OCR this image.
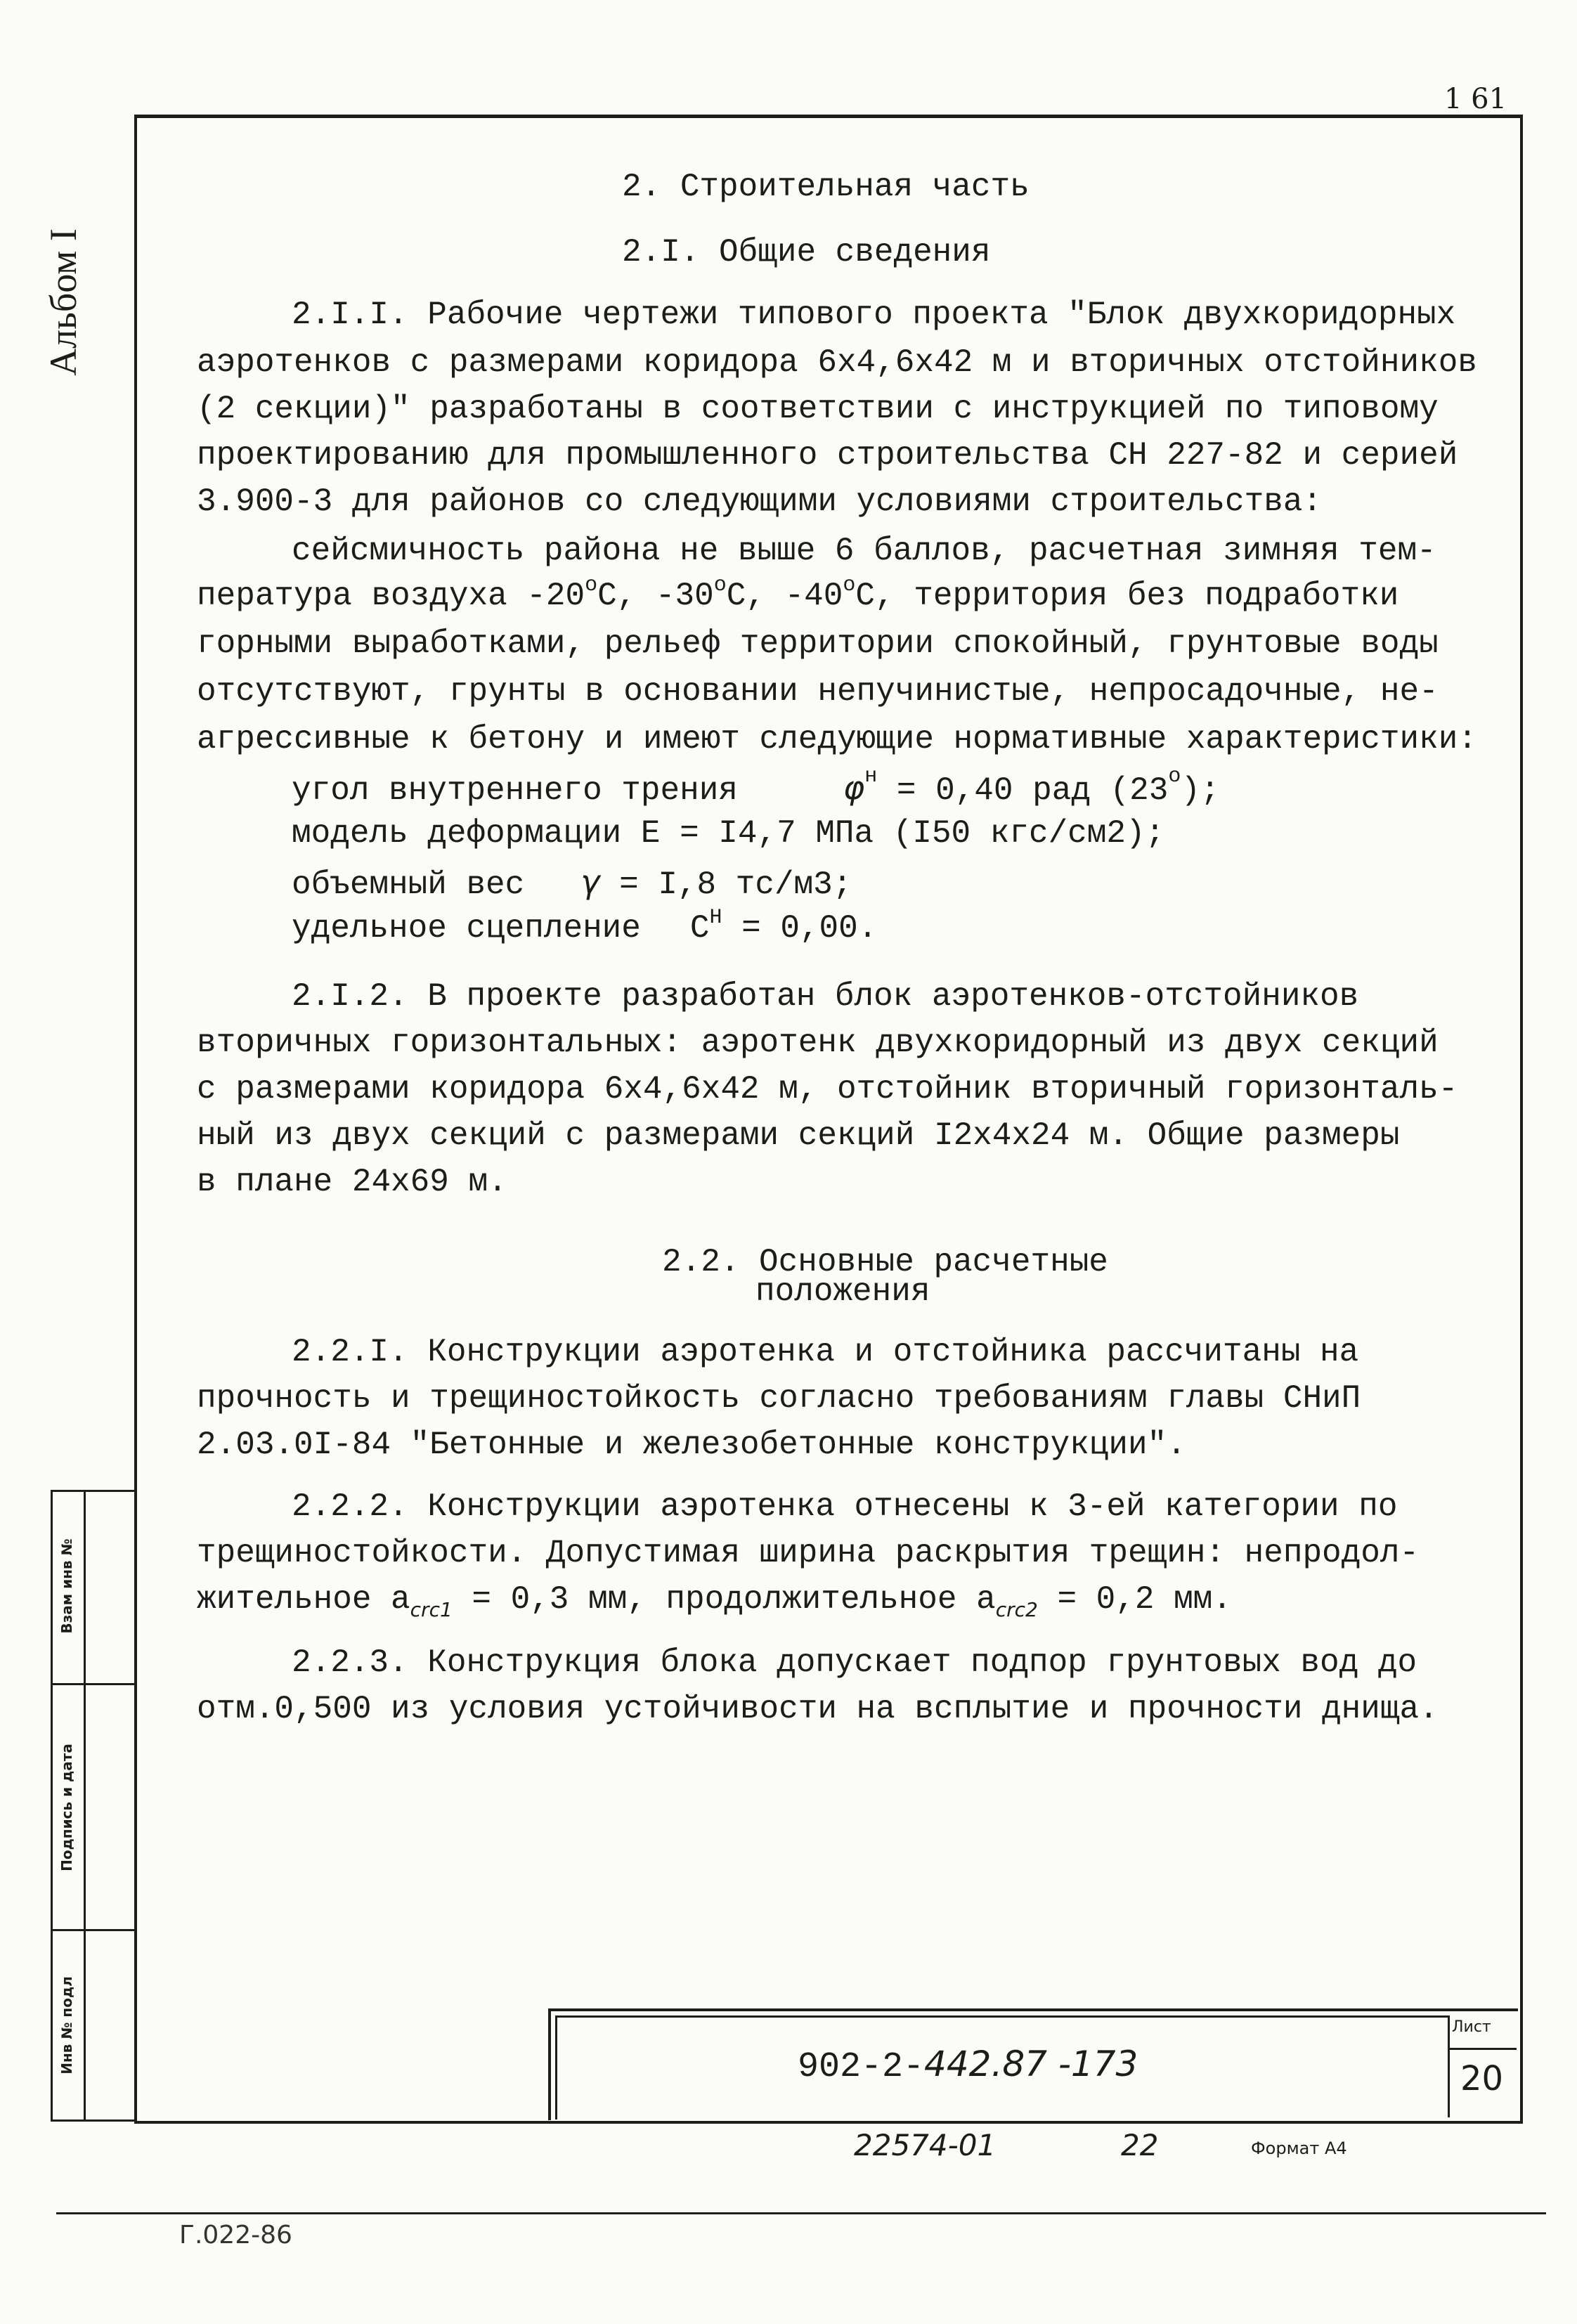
1 61
Альбом I
2. Строительная часть
2.I. Общие сведения
2.I.I. Рабочие чертежи типового проекта "Блок двухкоридорных
аэротенков с размерами коридора 6х4,6х42 м и вторичных отстойников
(2 секции)" разработаны в соответствии с инструкцией по типовому
проектированию для промышленного строительства СН 227-82 и серией
3.900-3 для районов со следующими условиями строительства:
сейсмичность района не выше 6 баллов, расчетная зимняя тем-
пература воздуха $-20^оС$, $-30^оС$, $-40^оС$, территория без подработки
горными выработками, рельеф территории спокойный, грунтовые воды
отсутствуют, грунты в основании непучинистые, непросадочные, не-
агрессивные к бетону и имеют следующие нормативные характеристики:
угол внутреннего трения	$\varphi^н = 0,40$ рад $(23^о)$;
модель деформации Е = I4,7 МПа (I50 кгс/см2);
объемный вес γ = I,8 тс/м3;
удельное сцепление $С^Н = 0,00$.
2.I.2. В проекте разработан блок аэротенков-отстойников
вторичных горизонтальных: аэротенк двухкоридорный из двух секций
с размерами коридора 6х4,6х42 м, отстойник вторичный горизонталь-
ный из двух секций с размерами секций I2х4х24 м. Общие размеры
в плане 24х69 м.
2.2. Основные расчетные
положения
2.2.I. Конструкции аэротенка и отстойника рассчитаны на
прочность и трещиностойкость согласно требованиям главы СНиП
2.03.0I-84 "Бетонные и железобетонные конструкции".
2.2.2. Конструкции аэротенка отнесены к 3-ей категории по
трещиностойкости. Допустимая ширина раскрытия трещин: непродол-
жительное $а_{crc1} = 0,3$ мм, продолжительное $а_{crc2} = 0,2$ мм.
2.2.3. Конструкция блока допускает подпор грунтовых вод до
отм.0,500 из условия устойчивости на всплытие и прочности днища.
Взам инв №
Подпись и дата
Инв № подл	902-2-442.87 -173
Лист
20
22574-01	22	Формат А4
Г.022-86
